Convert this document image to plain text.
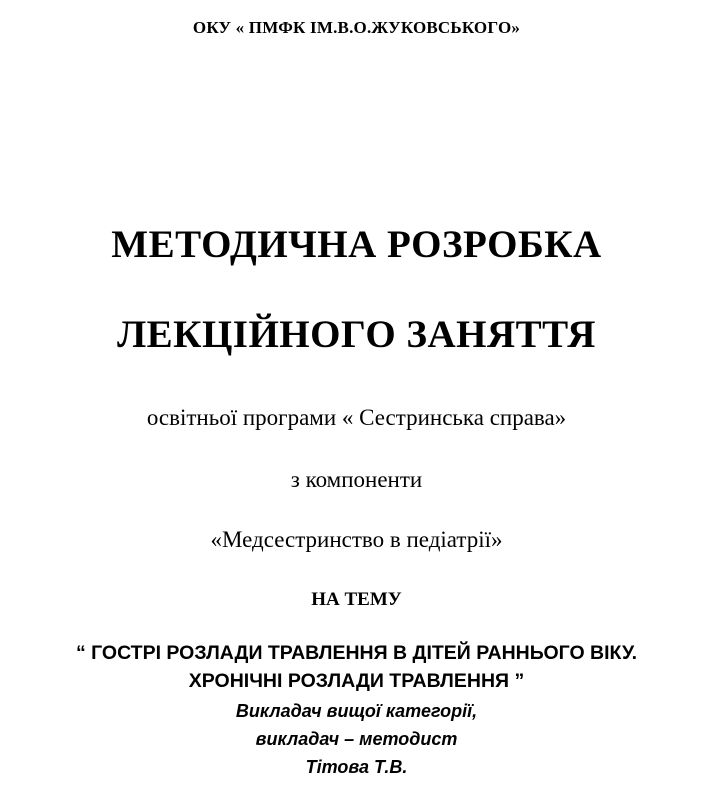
ОКУ « ПМФК ІМ.В.О.ЖУКОВСЬКОГО»
МЕТОДИЧНА РОЗРОБКА
ЛЕКЦІЙНОГО ЗАНЯТТЯ
освітньої програми « Сестринська справа»
з компоненти
«Медсестринство в педіатрії»
НА ТЕМУ
“ ГОСТРІ РОЗЛАДИ ТРАВЛЕННЯ В ДІТЕЙ РАННЬОГО ВІКУ.
ХРОНІЧНІ РОЗЛАДИ ТРАВЛЕННЯ ”
Викладач вищої категорії,
викладач – методист
Тітова Т.В.
